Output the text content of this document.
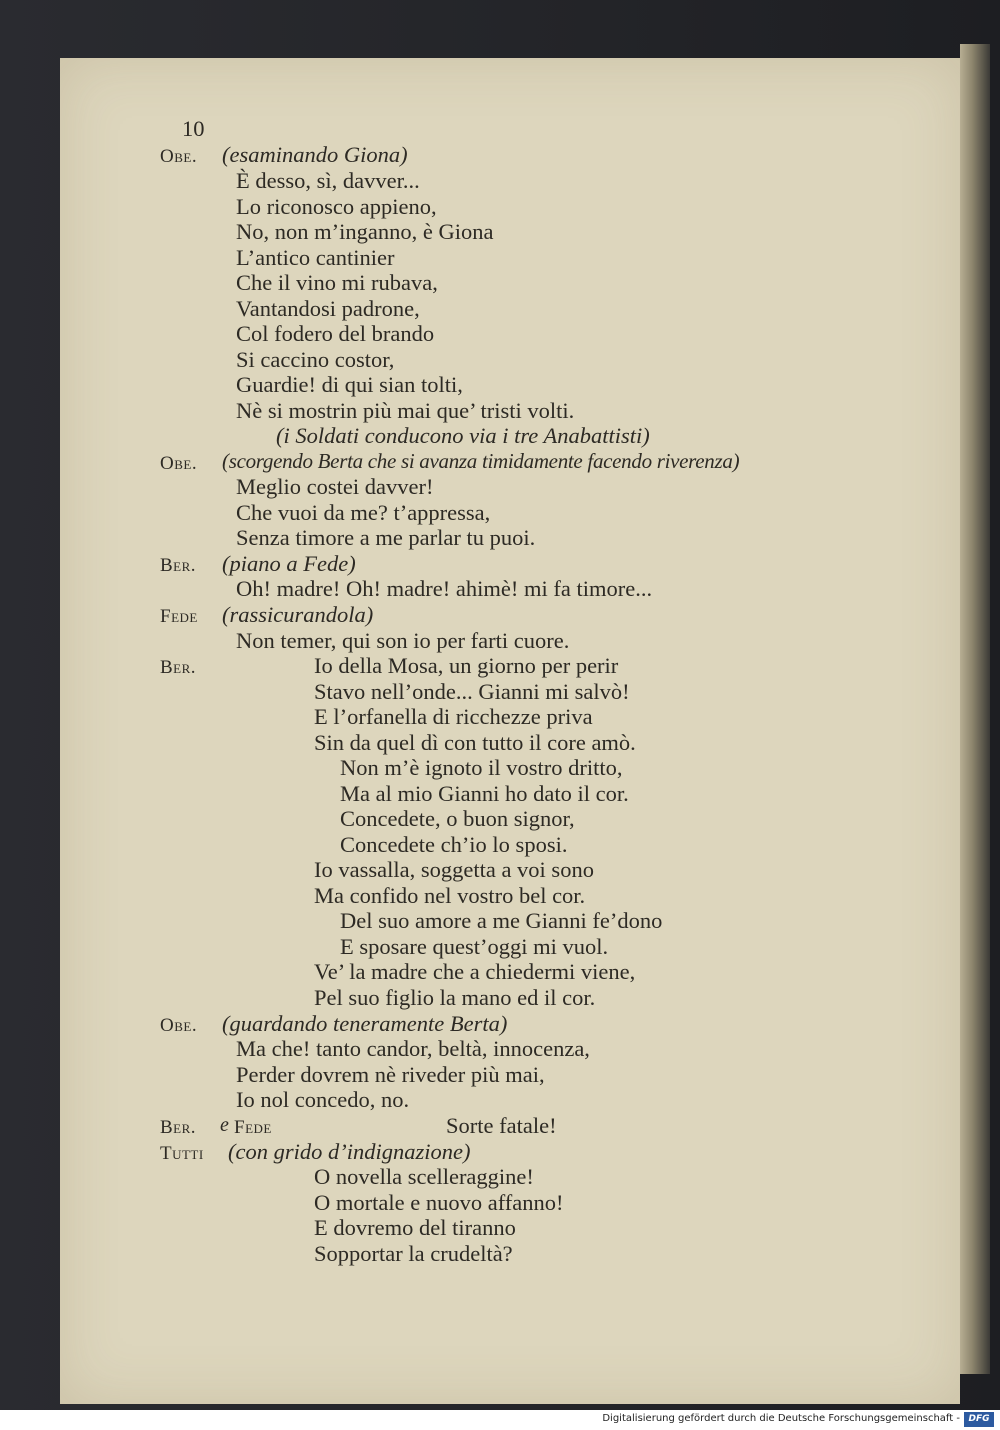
10
Obe. (esaminando Giona)
È desso, sì, davver...
Lo riconosco appieno,
No, non m’inganno, è Giona
L’antico cantinier
Che il vino mi rubava,
Vantandosi padrone,
Col fodero del brando
Si caccino costor,
Guardie! di qui sian tolti,
Nè si mostrin più mai que’ tristi volti.
(i Soldati conducono via i tre Anabattisti)
Obe. (scorgendo Berta che si avanza timidamente facendo riverenza)
Meglio costei davver!
Che vuoi da me? t’appressa,
Senza timore a me parlar tu puoi.
Ber. (piano a Fede)
Oh! madre! Oh! madre! ahimè! mi fa timore...
Fede (rassicurandola)
Non temer, qui son io per farti cuore.
Ber.	Io della Mosa, un giorno per perir
Stavo nell’onde... Gianni mi salvò!
E l’orfanella di ricchezze priva
Sin da quel dì con tutto il core amò.
Non m’è ignoto il vostro dritto,
Ma al mio Gianni ho dato il cor.
Concedete, o buon signor,
Concedete ch’io lo sposi.
Io vassalla, soggetta a voi sono
Ma confido nel vostro bel cor.
Del suo amore a me Gianni fe’dono
E sposare quest’oggi mi vuol.
Ve’ la madre che a chiedermi viene,
Pel suo figlio la mano ed il cor.
Obe. (guardando teneramente Berta)
Ma che! tanto candor, beltà, innocenza,
Perder dovrem nè riveder più mai,
Io nol concedo, no.
Ber. e Fede	Sorte fatale!
Tutti (con grido d’indignazione)
O novella scelleraggine!
O mortale e nuovo affanno!
E dovremo del tiranno
Sopportar la crudeltà?
Digitalisierung gefördert durch die Deutsche Forschungsgemeinschaft - DFG
